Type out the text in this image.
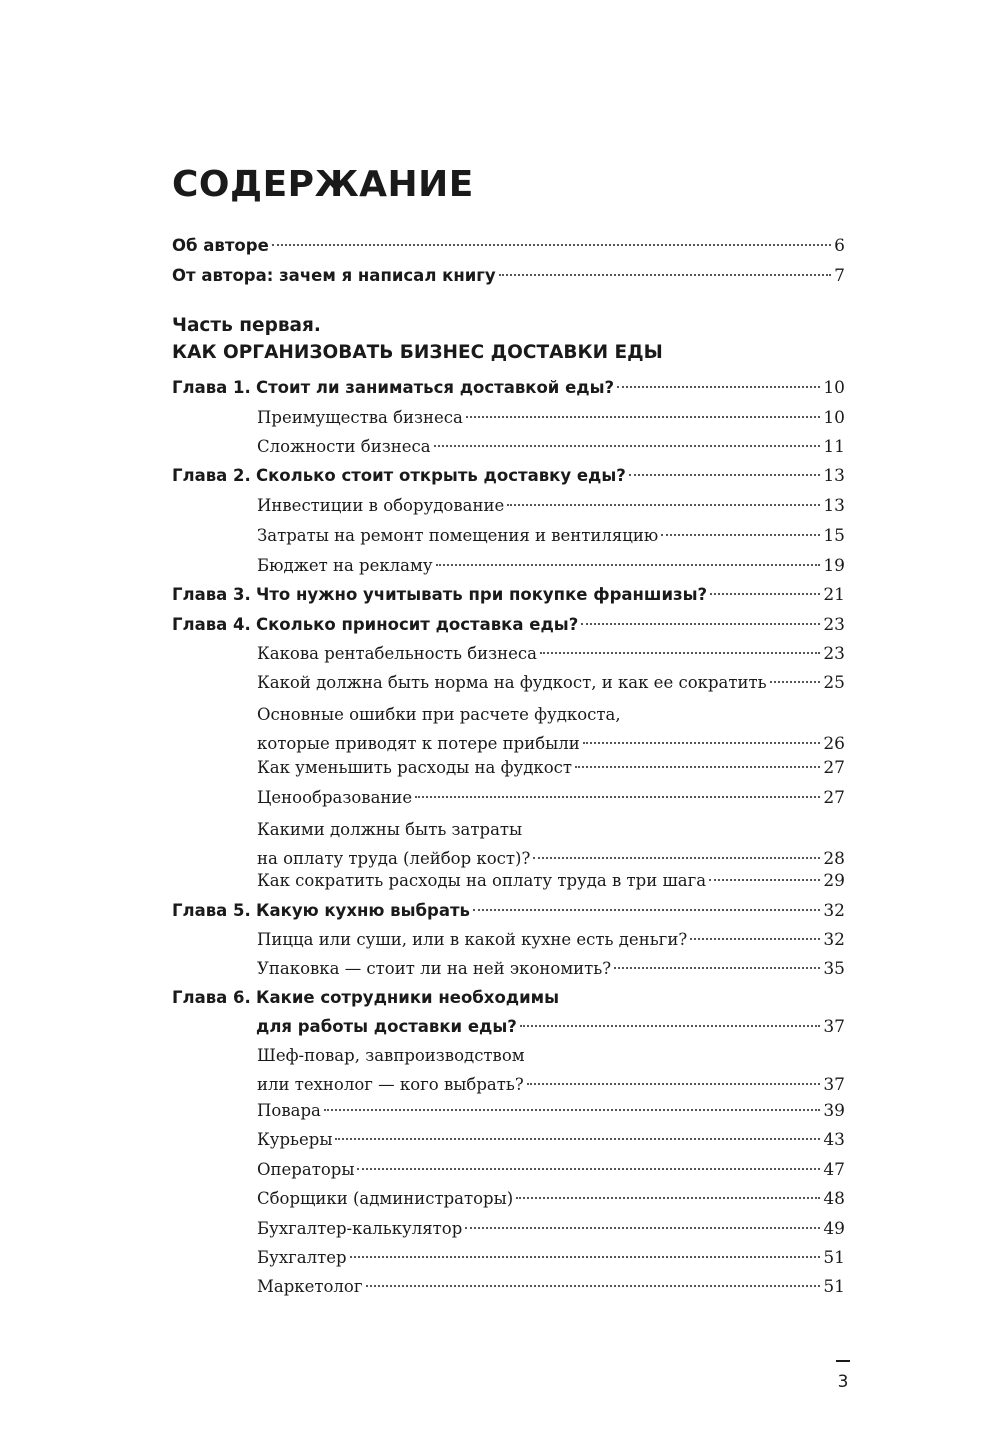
СОДЕРЖАНИЕ
Об авторе	6
От автора: зачем я написал книгу	7
Часть первая.
КАК ОРГАНИЗОВАТЬ БИЗНЕС ДОСТАВКИ ЕДЫ
Глава 1. Стоит ли заниматься доставкой еды?	10
Преимущества бизнеса	10
Сложности бизнеса	11
Глава 2. Сколько стоит открыть доставку еды?	13
Инвестиции в оборудование	13
Затраты на ремонт помещения и вентиляцию	15
Бюджет на рекламу	19
Глава 3. Что нужно учитывать при покупке франшизы?	21
Глава 4. Сколько приносит доставка еды?	23
Какова рентабельность бизнеса	23
Какой должна быть норма на фудкост, и как ее сократить	25
Основные ошибки при расчете фудкоста,
которые приводят к потере прибыли	26
Как уменьшить расходы на фудкост	27
Ценообразование	27
Какими должны быть затраты
на оплату труда (лейбор кост)?	28
Как сократить расходы на оплату труда в три шага	29
Глава 5. Какую кухню выбрать	32
Пицца или суши, или в какой кухне есть деньги?	32
Упаковка — стоит ли на ней экономить?	35
Глава 6. Какие сотрудники необходимы
для работы доставки еды?	37
Шеф-повар, завпроизводством
или технолог — кого выбрать?	37
Повара	39
Курьеры	43
Операторы	47
Сборщики (администраторы)	48
Бухгалтер-калькулятор	49
Бухгалтер	51
Маркетолог	51
3
